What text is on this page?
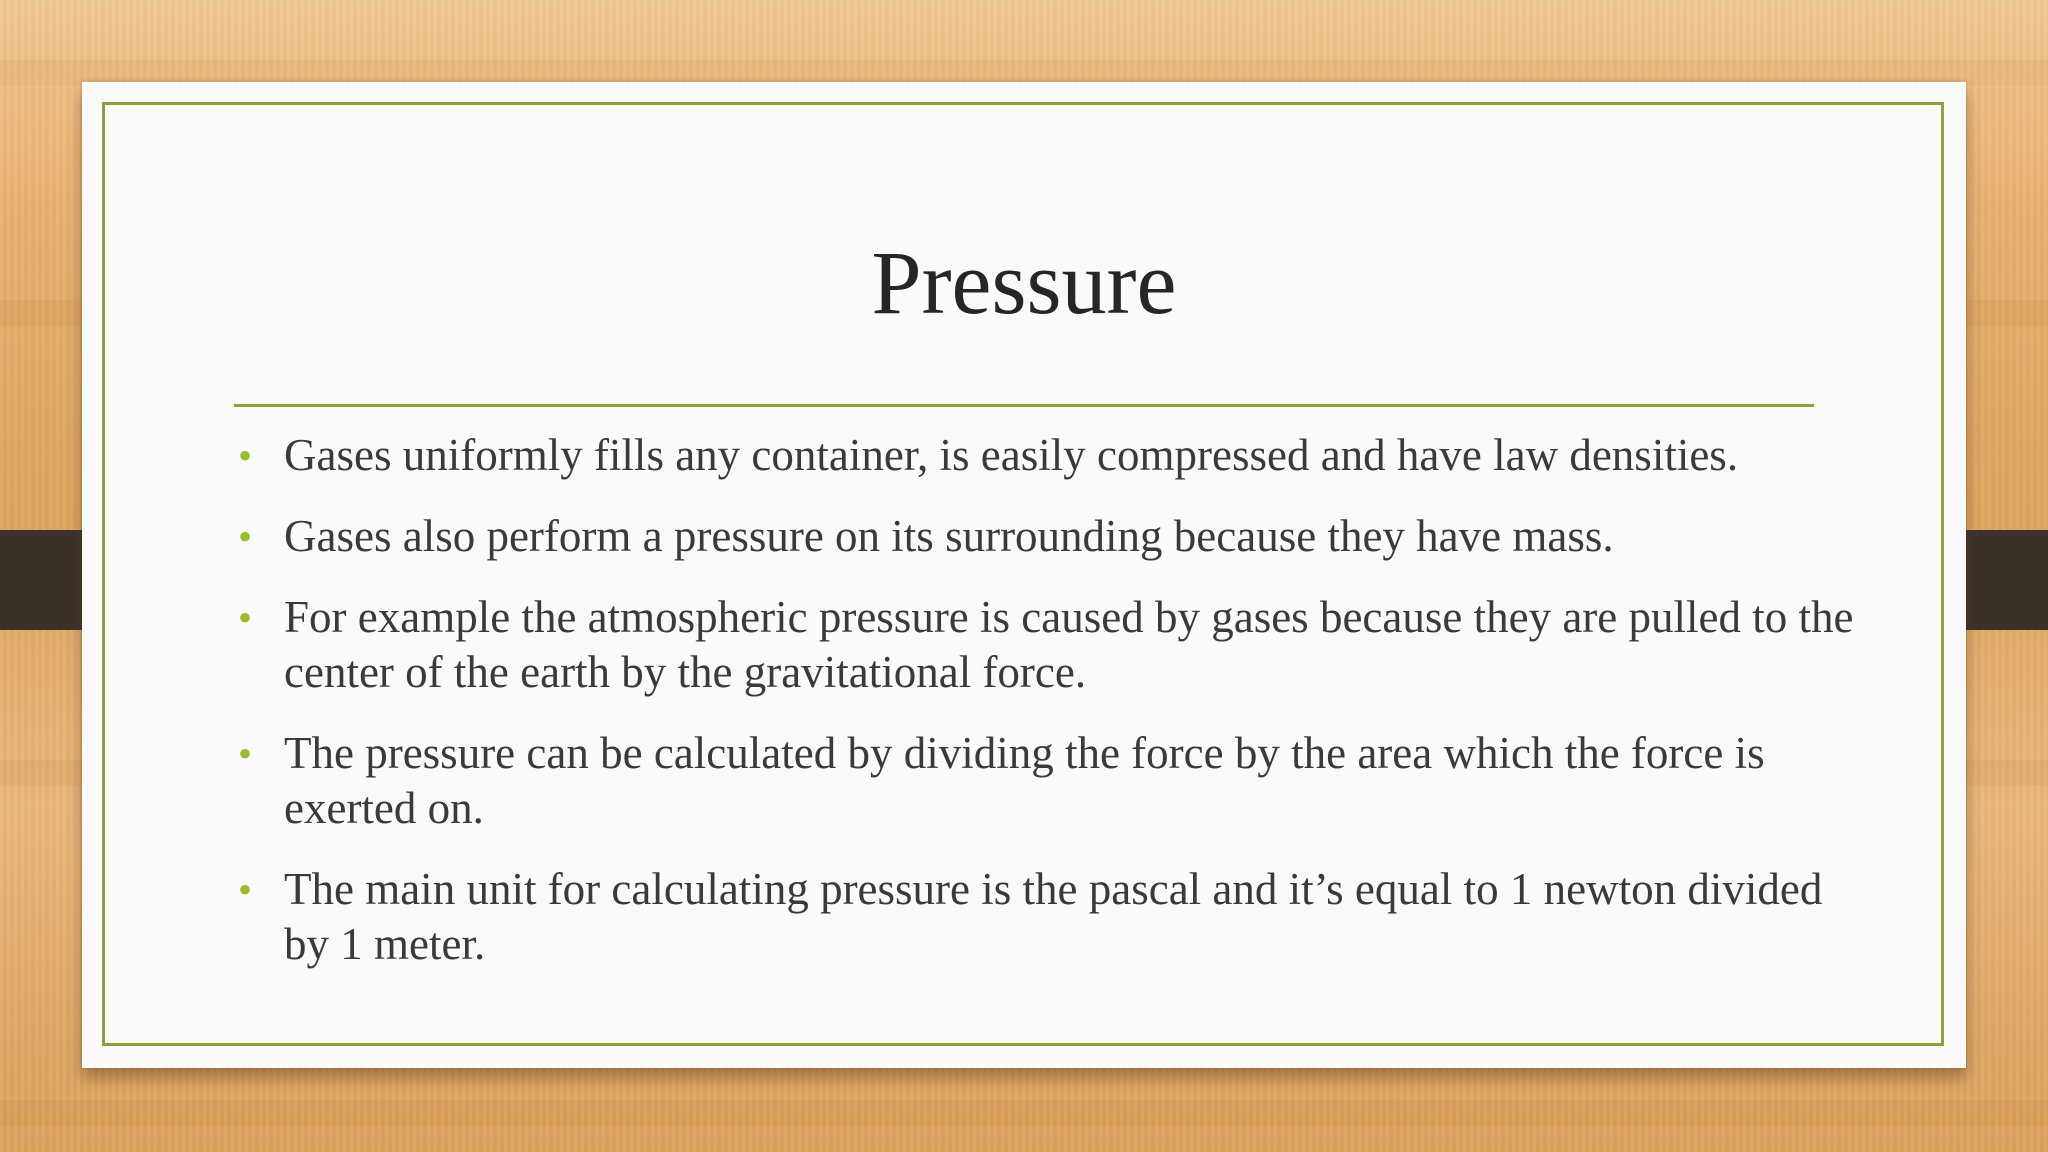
Pressure
• Gases uniformly fills any container, is easily compressed and have law densities.
• Gases also perform a pressure on its surrounding because they have mass.
• For example the atmospheric pressure is caused by gases because they are pulled to the center of the earth by the gravitational force.
• The pressure can be calculated by dividing the force by the area which the force is exerted on.
• The main unit for calculating pressure is the pascal and it’s equal to 1 newton divided by 1 meter.
